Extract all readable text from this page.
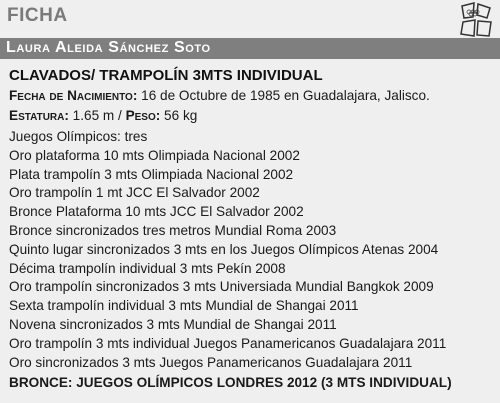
FICHA
Laura Aleida Sánchez Soto
CLAVADOS/ TRAMPOLÍN 3MTS INDIVIDUAL
Fecha de Nacimiento: 16 de Octubre de 1985 en Guadalajara, Jalisco.
Estatura: 1.65 m / Peso: 56 kg
Juegos Olímpicos: tres
Oro plataforma 10 mts Olimpiada Nacional 2002
Plata trampolín 3 mts Olimpiada Nacional 2002
Oro trampolín 1 mt JCC El Salvador 2002
Bronce Plataforma 10 mts JCC El Salvador 2002
Bronce sincronizados tres metros Mundial Roma 2003
Quinto lugar sincronizados 3 mts en los Juegos Olímpicos Atenas 2004
Décima trampolín individual 3 mts Pekín 2008
Oro trampolín sincronizados 3 mts Universiada Mundial Bangkok 2009
Sexta trampolín individual 3 mts Mundial de Shangai 2011
Novena sincronizados 3 mts Mundial de Shangai 2011
Oro trampolín 3 mts individual Juegos Panamericanos Guadalajara 2011
Oro sincronizados 3 mts Juegos Panamericanos Guadalajara 2011
BRONCE: JUEGOS OLÍMPICOS LONDRES 2012 (3 MTS INDIVIDUAL)
